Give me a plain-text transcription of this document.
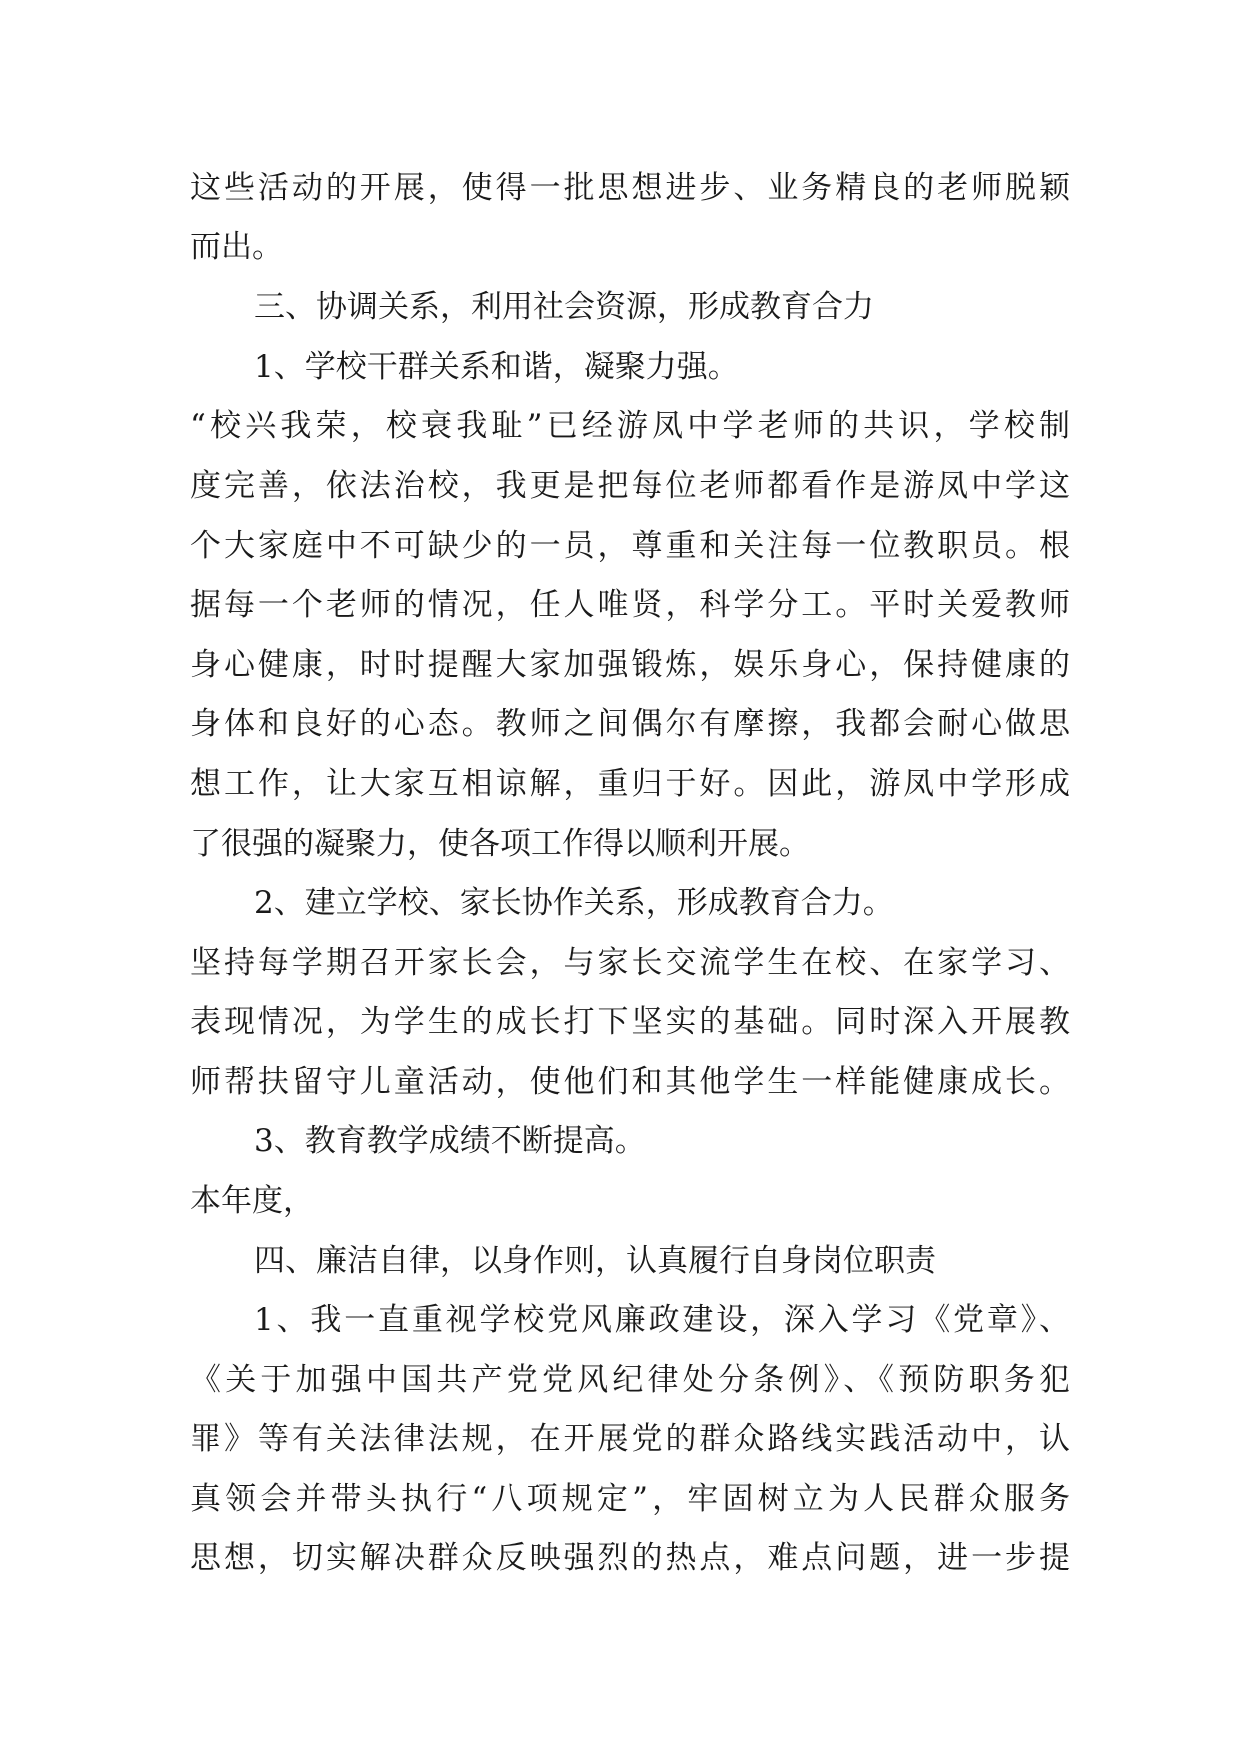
这些活动的开展，使得一批思想进步、业务精良的老师脱颖
而出。
三、协调关系，利用社会资源，形成教育合力
1、学校干群关系和谐，凝聚力强。
“校兴我荣，校衰我耻”已经游凤中学老师的共识，学校制
度完善，依法治校，我更是把每位老师都看作是游凤中学这
个大家庭中不可缺少的一员，尊重和关注每一位教职员。根
据每一个老师的情况，任人唯贤，科学分工。平时关爱教师
身心健康，时时提醒大家加强锻炼，娱乐身心，保持健康的
身体和良好的心态。教师之间偶尔有摩擦，我都会耐心做思
想工作，让大家互相谅解，重归于好。因此，游凤中学形成
了很强的凝聚力，使各项工作得以顺利开展。
2、建立学校、家长协作关系，形成教育合力。
坚持每学期召开家长会，与家长交流学生在校、在家学习、
表现情况，为学生的成长打下坚实的基础。同时深入开展教
师帮扶留守儿童活动，使他们和其他学生一样能健康成长。
3、教育教学成绩不断提高。
本年度，
四、廉洁自律，以身作则，认真履行自身岗位职责
1、我一直重视学校党风廉政建设，深入学习《党章》、
《关于加强中国共产党党风纪律处分条例》、《预防职务犯
罪》等有关法律法规，在开展党的群众路线实践活动中，认
真领会并带头执行“八项规定”，牢固树立为人民群众服务
思想，切实解决群众反映强烈的热点，难点问题，进一步提
